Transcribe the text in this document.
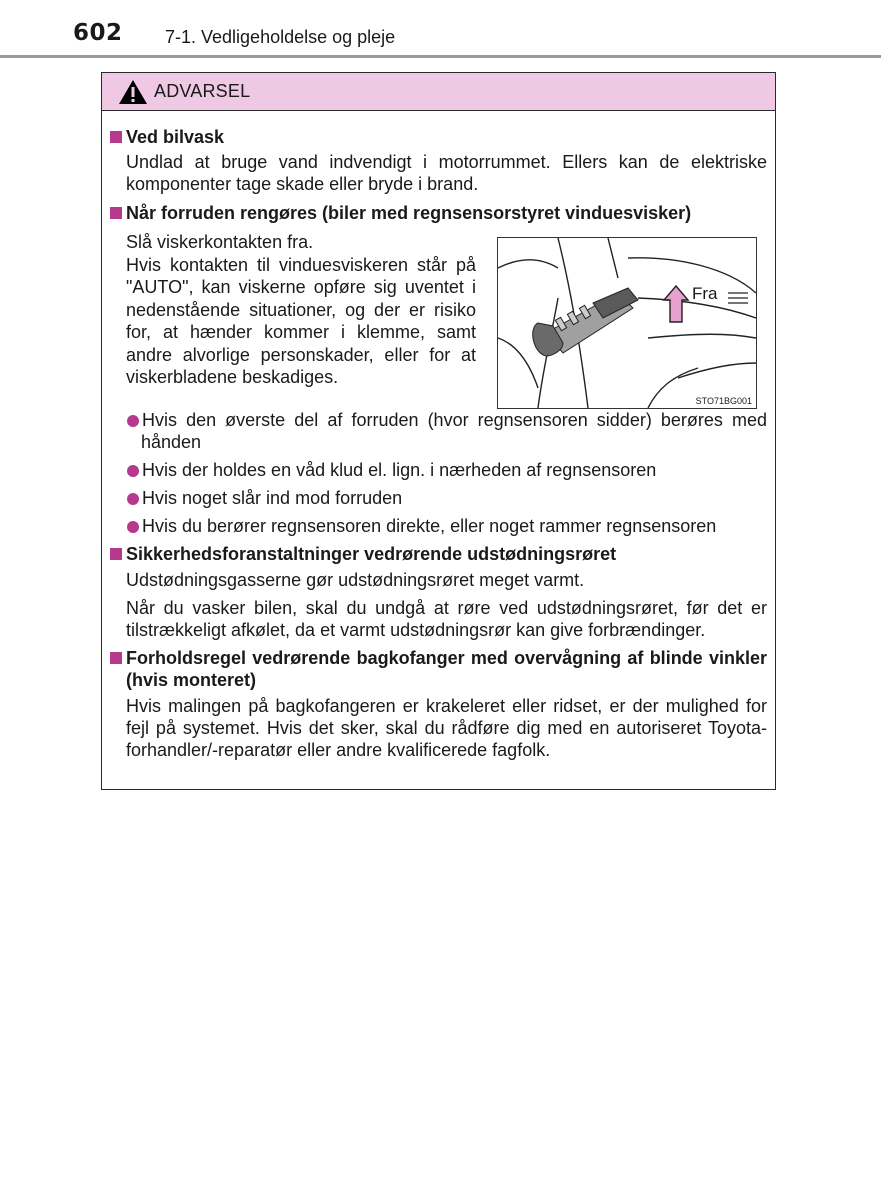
602 7-1. Vedligeholdelse og pleje
ADVARSEL
Ved bilvask
Undlad at bruge vand indvendigt i motorrummet. Ellers kan de elektriske komponenter tage skade eller bryde i brand.
Når forruden rengøres (biler med regnsensorstyret vinduesvisker)
Slå viskerkontakten fra.
Hvis kontakten til vinduesviskeren står på "AUTO", kan viskerne opføre sig uventet i nedenstående situationer, og der er risiko for, at hænder kommer i klemme, samt andre alvorlige personskader, eller for at viskerbladene beskadiges.
Fra
STO71BG001
Hvis den øverste del af forruden (hvor regnsensoren sidder) berøres med hånden
Hvis der holdes en våd klud el. lign. i nærheden af regnsensoren
Hvis noget slår ind mod forruden
Hvis du berører regnsensoren direkte, eller noget rammer regnsensoren
Sikkerhedsforanstaltninger vedrørende udstødningsrøret
Udstødningsgasserne gør udstødningsrøret meget varmt.
Når du vasker bilen, skal du undgå at røre ved udstødningsrøret, før det er tilstrækkeligt afkølet, da et varmt udstødningsrør kan give forbrændinger.
Forholdsregel vedrørende bagkofanger med overvågning af blinde vinkler (hvis monteret)
Hvis malingen på bagkofangeren er krakeleret eller ridset, er der mulighed for fejl på systemet. Hvis det sker, skal du rådføre dig med en autoriseret Toyota-forhandler/-reparatør eller andre kvalificerede fagfolk.
